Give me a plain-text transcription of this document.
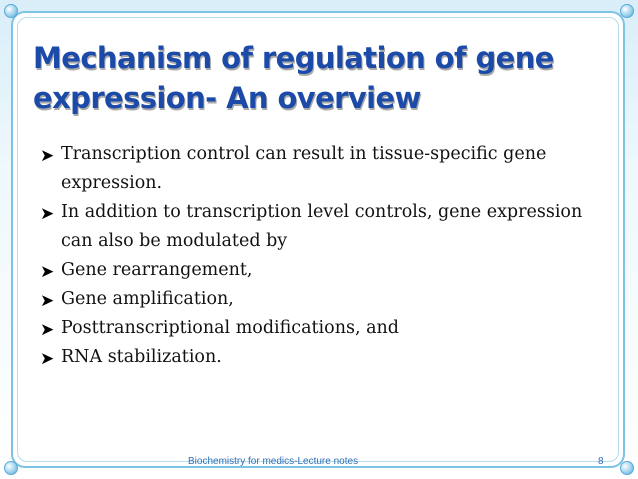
Mechanism of regulation of gene expression- An overview
➤ Transcription control can result in tissue-specific gene expression.
➤ In addition to transcription level controls, gene expression can also be modulated by
➤ Gene rearrangement,
➤ Gene amplification,
➤ Posttranscriptional modifications, and
➤ RNA stabilization.
Biochemistry for medics-Lecture notes	8
